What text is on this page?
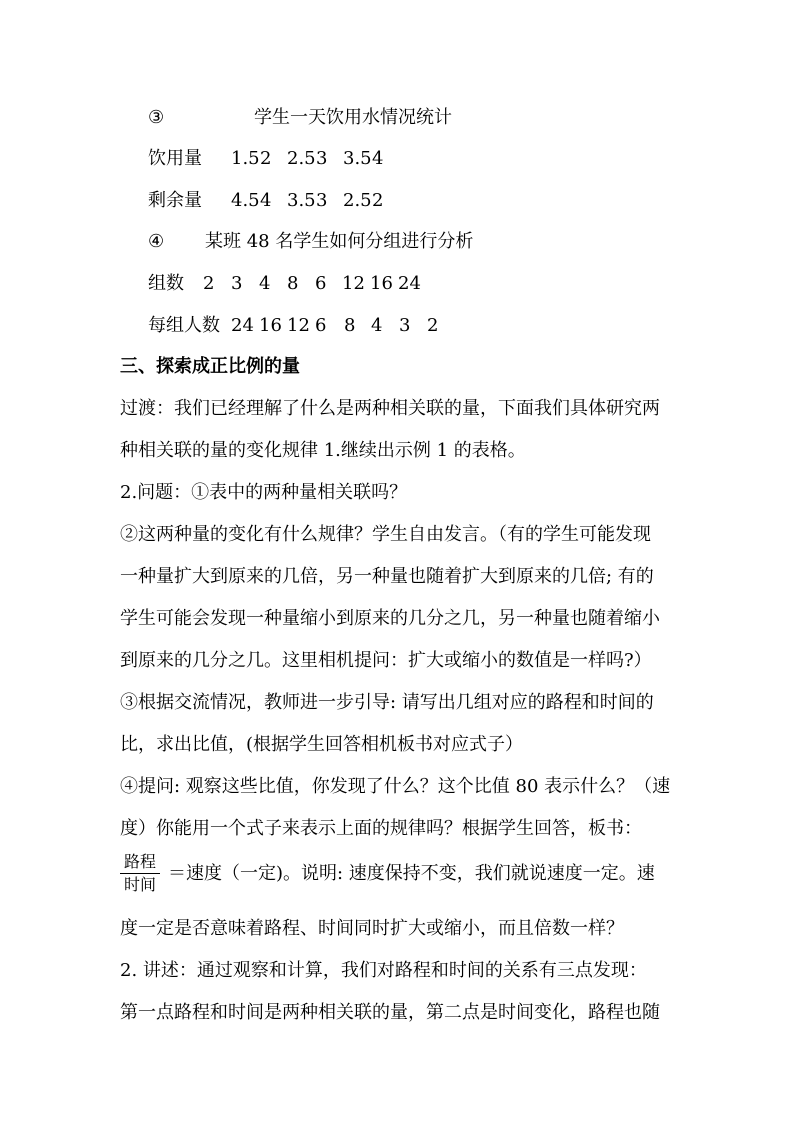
③	学生一天饮用水情况统计
饮用量 1.5 2 2.5 3 3.5 4
剩余量 4.5 4 3.5 3 2.5 2
④ 某班 48 名学生如何分组进行分析
组数 2 3 4 8 6 12 16 24
每组人数 24 16 12 6 8 4 3 2
三、探索成正比例的量
过渡：我们已经理解了什么是两种相关联的量，下面我们具体研究两
种相关联的量的变化规律 1.继续出示例 1 的表格。
2.问题：①表中的两种量相关联吗？
②这两种量的变化有什么规律？学生自由发言。（有的学生可能发现
一种量扩大到原来的几倍，另一种量也随着扩大到原来的几倍; 有的
学生可能会发现一种量缩小到原来的几分之几，另一种量也随着缩小
到原来的几分之几。这里相机提问：扩大或缩小的数值是一样吗?）
③根据交流情况，教师进一步引导: 请写出几组对应的路程和时间的
比，求出比值，(根据学生回答相机板书对应式子）
④提问: 观察这些比值，你发现了什么？这个比值 80 表示什么？（速
度）你能用一个式子来表示上面的规律吗？根据学生回答，板书：
路程
时间
＝速度（一定)。说明: 速度保持不变，我们就说速度一定。速
度一定是否意味着路程、时间同时扩大或缩小，而且倍数一样？
2. 讲述：通过观察和计算，我们对路程和时间的关系有三点发现：
第一点路程和时间是两种相关联的量，第二点是时间变化，路程也随
